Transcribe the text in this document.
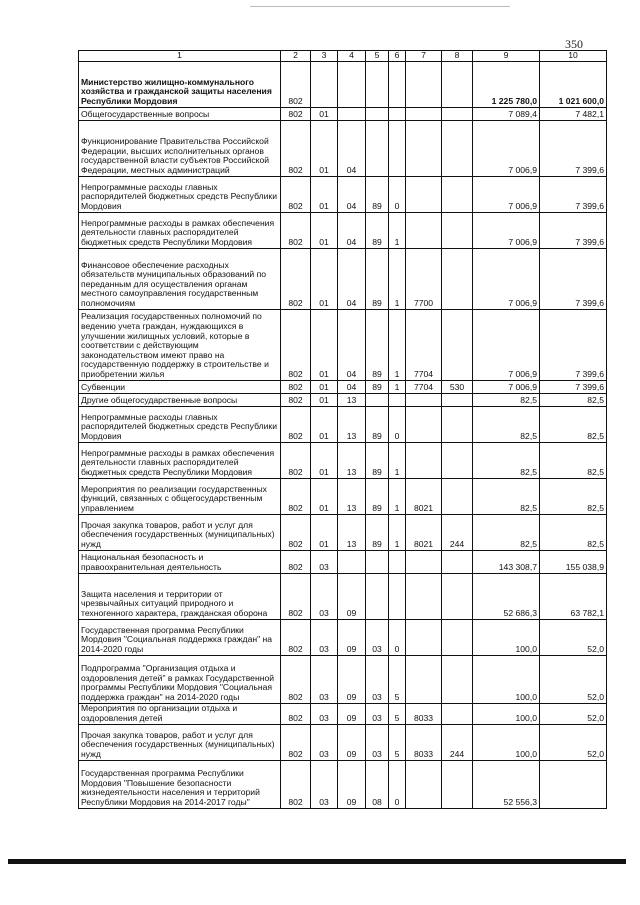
350
1	2	3	4	5	6	7	8	9	10
Министерство жилищно-коммунального хозяйства и гражданской защиты населения Республики Мордовия	802							1 225 780,0	1 021 600,0
Общегосударственные вопросы	802	01						7 089,4	7 482,1
Функционирование Правительства Российской Федерации, высших исполнительных органов государственной власти субъектов Российской Федерации, местных администраций	802	01	04					7 006,9	7 399,6
Непрограммные расходы главных распорядителей бюджетных средств Республики Мордовия	802	01	04	89	0			7 006,9	7 399,6
Непрограммные расходы в рамках обеспечения деятельности главных распорядителей бюджетных средств Республики Мордовия	802	01	04	89	1			7 006,9	7 399,6
Финансовое обеспечение расходных обязательств муниципальных образований по переданным для осуществления органам местного самоуправления государственным полномочиям	802	01	04	89	1	7700		7 006,9	7 399,6
Реализация государственных полномочий по ведению учета граждан, нуждающихся в улучшении жилищных условий, которые в соответствии с действующим законодательством имеют право на государственную поддержку в строительстве и приобретении жилья	802	01	04	89	1	7704		7 006,9	7 399,6
Субвенции	802	01	04	89	1	7704	530	7 006,9	7 399,6
Другие общегосударственные вопросы	802	01	13					82,5	82,5
Непрограммные расходы главных распорядителей бюджетных средств Республики Мордовия	802	01	13	89	0			82,5	82,5
Непрограммные расходы в рамках обеспечения деятельности главных распорядителей бюджетных средств Республики Мордовия	802	01	13	89	1			82,5	82,5
Мероприятия по реализации государственных функций, связанных с общегосударственным управлением	802	01	13	89	1	8021		82,5	82,5
Прочая закупка товаров, работ и услуг для обеспечения государственных (муниципальных) нужд	802	01	13	89	1	8021	244	82,5	82,5
Национальная безопасность и правоохранительная деятельность	802	03						143 308,7	155 038,9
Защита населения и территории от чрезвычайных ситуаций природного и техногенного характера, гражданская оборона	802	03	09					52 686,3	63 782,1
Государственная программа Республики Мордовия "Социальная поддержка граждан" на 2014-2020 годы	802	03	09	03	0			100,0	52,0
Подпрограмма "Организация отдыха и оздоровления детей" в рамках Государственной программы Республики Мордовия "Социальная поддержка граждан" на 2014-2020 годы	802	03	09	03	5			100,0	52,0
Мероприятия по организации отдыха и оздоровления детей	802	03	09	03	5	8033		100,0	52,0
Прочая закупка товаров, работ и услуг для обеспечения государственных (муниципальных) нужд	802	03	09	03	5	8033	244	100,0	52,0
Государственная программа Республики Мордовия "Повышение безопасности жизнедеятельности населения и территорий Республики Мордовия на 2014-2017 годы"	802	03	09	08	0			52 556,3	
